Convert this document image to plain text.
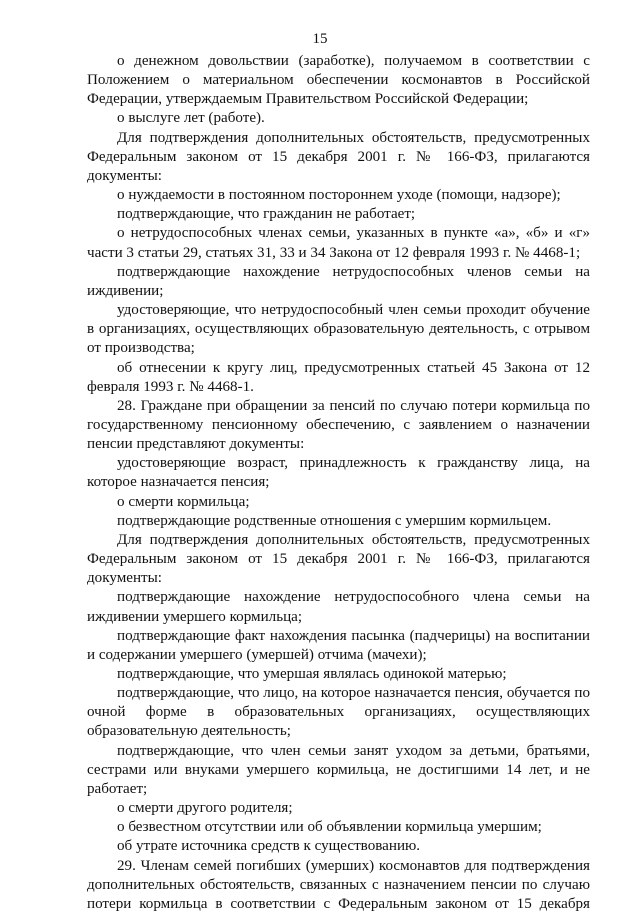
15

о денежном довольствии (заработке), получаемом в соответствии с Положением о материальном обеспечении космонавтов в Российской Федерации, утверждаемым Правительством Российской Федерации;

о выслуге лет (работе).

Для подтверждения дополнительных обстоятельств, предусмотренных Федеральным законом от 15 декабря 2001 г. № 166-ФЗ, прилагаются документы:

о нуждаемости в постоянном постороннем уходе (помощи, надзоре);

подтверждающие, что гражданин не работает;

о нетрудоспособных членах семьи, указанных в пункте «а», «б» и «г» части 3 статьи 29, статьях 31, 33 и 34 Закона от 12 февраля 1993 г. № 4468-1;

подтверждающие нахождение нетрудоспособных членов семьи на иждивении;

удостоверяющие, что нетрудоспособный член семьи проходит обучение в организациях, осуществляющих образовательную деятельность, с отрывом от производства;

об отнесении к кругу лиц, предусмотренных статьей 45 Закона от 12 февраля 1993 г. № 4468-1.

28. Граждане при обращении за пенсий по случаю потери кормильца по государственному пенсионному обеспечению, с заявлением о назначении пенсии представляют документы:

удостоверяющие возраст, принадлежность к гражданству лица, на которое назначается пенсия;

о смерти кормильца;

подтверждающие родственные отношения с умершим кормильцем.

Для подтверждения дополнительных обстоятельств, предусмотренных Федеральным законом от 15 декабря 2001 г. № 166-ФЗ, прилагаются документы:

подтверждающие нахождение нетрудоспособного члена семьи на иждивении умершего кормильца;

подтверждающие факт нахождения пасынка (падчерицы) на воспитании и содержании умершего (умершей) отчима (мачехи);

подтверждающие, что умершая являлась одинокой матерью;

подтверждающие, что лицо, на которое назначается пенсия, обучается по очной форме в образовательных организациях, осуществляющих образовательную деятельность;

подтверждающие, что член семьи занят уходом за детьми, братьями, сестрами или внуками умершего кормильца, не достигшими 14 лет, и не работает;

о смерти другого родителя;

о безвестном отсутствии или об объявлении кормильца умершим;

об утрате источника средств к существованию.

29. Членам семей погибших (умерших) космонавтов для подтверждения дополнительных обстоятельств, связанных с назначением пенсии по случаю потери кормильца в соответствии с Федеральным законом от 15 декабря
